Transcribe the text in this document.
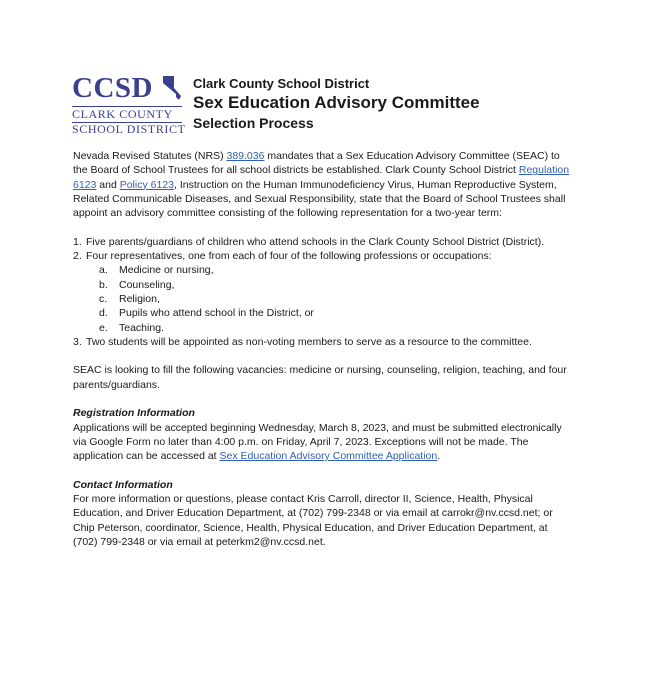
CCSD
CLARK COUNTY
SCHOOL DISTRICT
Clark County School District
Sex Education Advisory Committee
Selection Process

Nevada Revised Statutes (NRS) 389.036 mandates that a Sex Education Advisory Committee (SEAC) to the Board of School Trustees for all school districts be established. Clark County School District Regulation 6123 and Policy 6123, Instruction on the Human Immunodeficiency Virus, Human Reproductive System, Related Communicable Diseases, and Sexual Responsibility, state that the Board of School Trustees shall appoint an advisory committee consisting of the following representation for a two-year term:

1. Five parents/guardians of children who attend schools in the Clark County School District (District).
2. Four representatives, one from each of four of the following professions or occupations:
a. Medicine or nursing,
b. Counseling,
c. Religion,
d. Pupils who attend school in the District, or
e. Teaching.
3. Two students will be appointed as non-voting members to serve as a resource to the committee.

SEAC is looking to fill the following vacancies: medicine or nursing, counseling, religion, teaching, and four parents/guardians.

Registration Information

Applications will be accepted beginning Wednesday, March 8, 2023, and must be submitted electronically via Google Form no later than 4:00 p.m. on Friday, April 7, 2023. Exceptions will not be made. The application can be accessed at Sex Education Advisory Committee Application.

Contact Information

For more information or questions, please contact Kris Carroll, director II, Science, Health, Physical Education, and Driver Education Department, at (702) 799-2348 or via email at carrokr@nv.ccsd.net; or Chip Peterson, coordinator, Science, Health, Physical Education, and Driver Education Department, at (702) 799-2348 or via email at peterkm2@nv.ccsd.net.
